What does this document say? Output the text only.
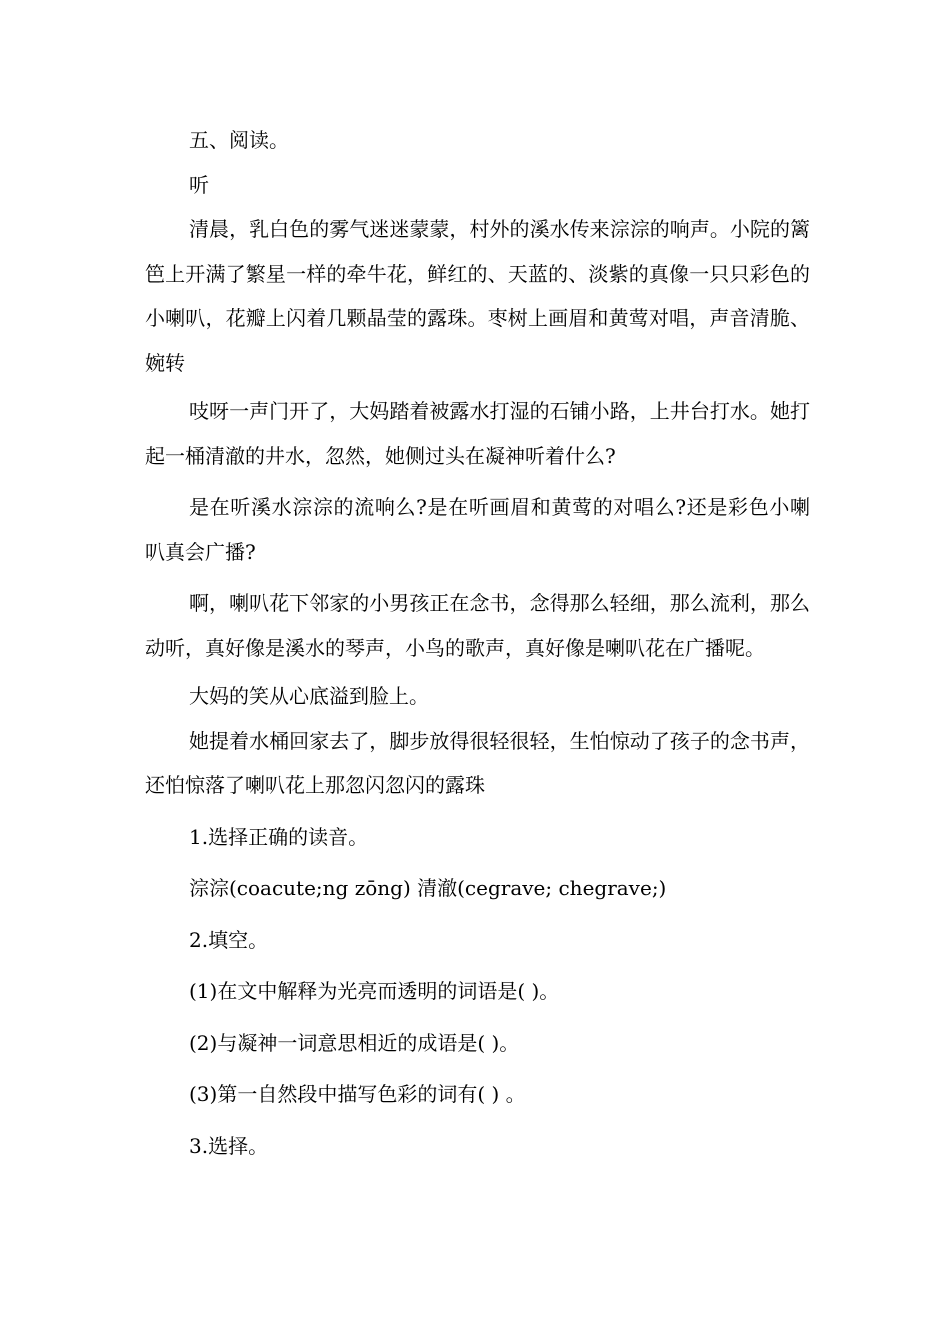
五、阅读。

听

清晨，乳白色的雾气迷迷蒙蒙，村外的溪水传来淙淙的响声。小院的篱笆上开满了繁星一样的牵牛花，鲜红的、天蓝的、淡紫的真像一只只彩色的小喇叭，花瓣上闪着几颗晶莹的露珠。枣树上画眉和黄莺对唱，声音清脆、婉转

吱呀一声门开了，大妈踏着被露水打湿的石铺小路，上井台打水。她打起一桶清澈的井水，忽然，她侧过头在凝神听着什么?

是在听溪水淙淙的流响么?是在听画眉和黄莺的对唱么?还是彩色小喇叭真会广播?

啊，喇叭花下邻家的小男孩正在念书，念得那么轻细，那么流利，那么动听，真好像是溪水的琴声，小鸟的歌声，真好像是喇叭花在广播呢。

大妈的笑从心底溢到脸上。

她提着水桶回家去了，脚步放得很轻很轻，生怕惊动了孩子的念书声，还怕惊落了喇叭花上那忽闪忽闪的露珠

1.选择正确的读音。

淙淙(coacute;ng zōng) 清澈(cegrave; chegrave;)

2.填空。

(1)在文中解释为光亮而透明的词语是( )。

(2)与凝神一词意思相近的成语是( )。

(3)第一自然段中描写色彩的词有( ) 。

3.选择。
